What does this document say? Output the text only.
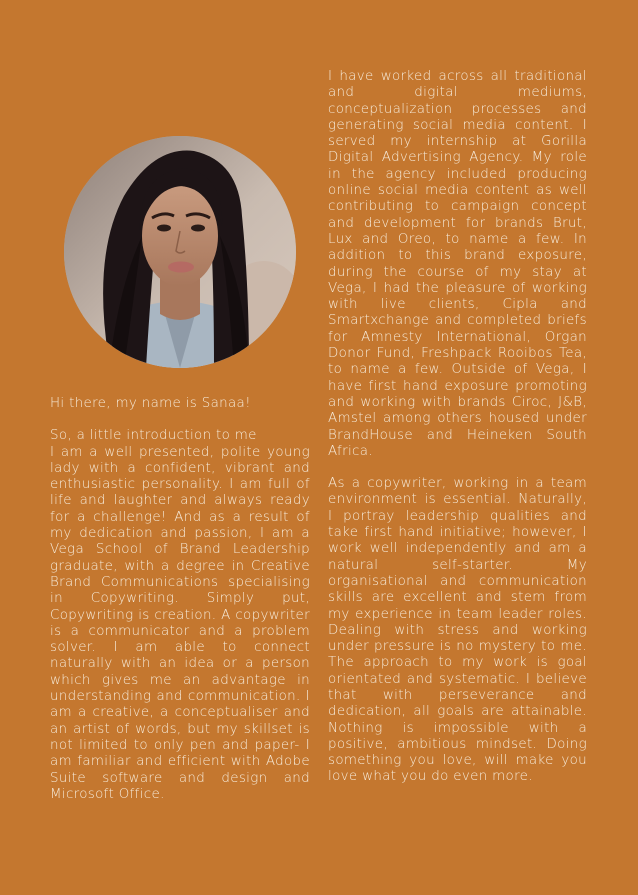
Hi there, my name is Sanaa!

So, a little introduction to me

I am a well presented, polite young lady with a confident, vibrant and enthusiastic personality. I am full of life and laughter and always ready for a challenge! And as a result of my dedication and passion, I am a Vega School of Brand Leadership graduate, with a degree in Creative Brand Communications specialising in Copywriting. Simply put, Copywriting is creation. A copywriter is a communicator and a problem solver. I am able to connect naturally with an idea or a person which gives me an advantage in understanding and communication. I am a creative, a conceptualiser and an artist of words, but my skillset is not limited to only pen and paper- I am familiar and efficient with Adobe Suite software and design and Microsoft Office.

I have worked across all traditional and digital mediums, conceptualization processes and generating social media content. I served my internship at Gorilla Digital Advertising Agency. My role in the agency included producing online social media content as well contributing to campaign concept and development for brands Brut, Lux and Oreo, to name a few. In addition to this brand exposure, during the course of my stay at Vega, I had the pleasure of working with live clients, Cipla and Smartxchange and completed briefs for Amnesty International, Organ Donor Fund, Freshpack Rooibos Tea, to name a few. Outside of Vega, I have first hand exposure promoting and working with brands Ciroc, J&B, Amstel among others housed under BrandHouse and Heineken South Africa.

As a copywriter, working in a team environment is essential. Naturally, I portray leadership qualities and take first hand initiative; however, I work well independently and am a natural self-starter. My organisational and communication skills are excellent and stem from my experience in team leader roles. Dealing with stress and working under pressure is no mystery to me. The approach to my work is goal orientated and systematic. I believe that with perseverance and dedication, all goals are attainable. Nothing is impossible with a positive, ambitious mindset. Doing something you love, will make you love what you do even more.
